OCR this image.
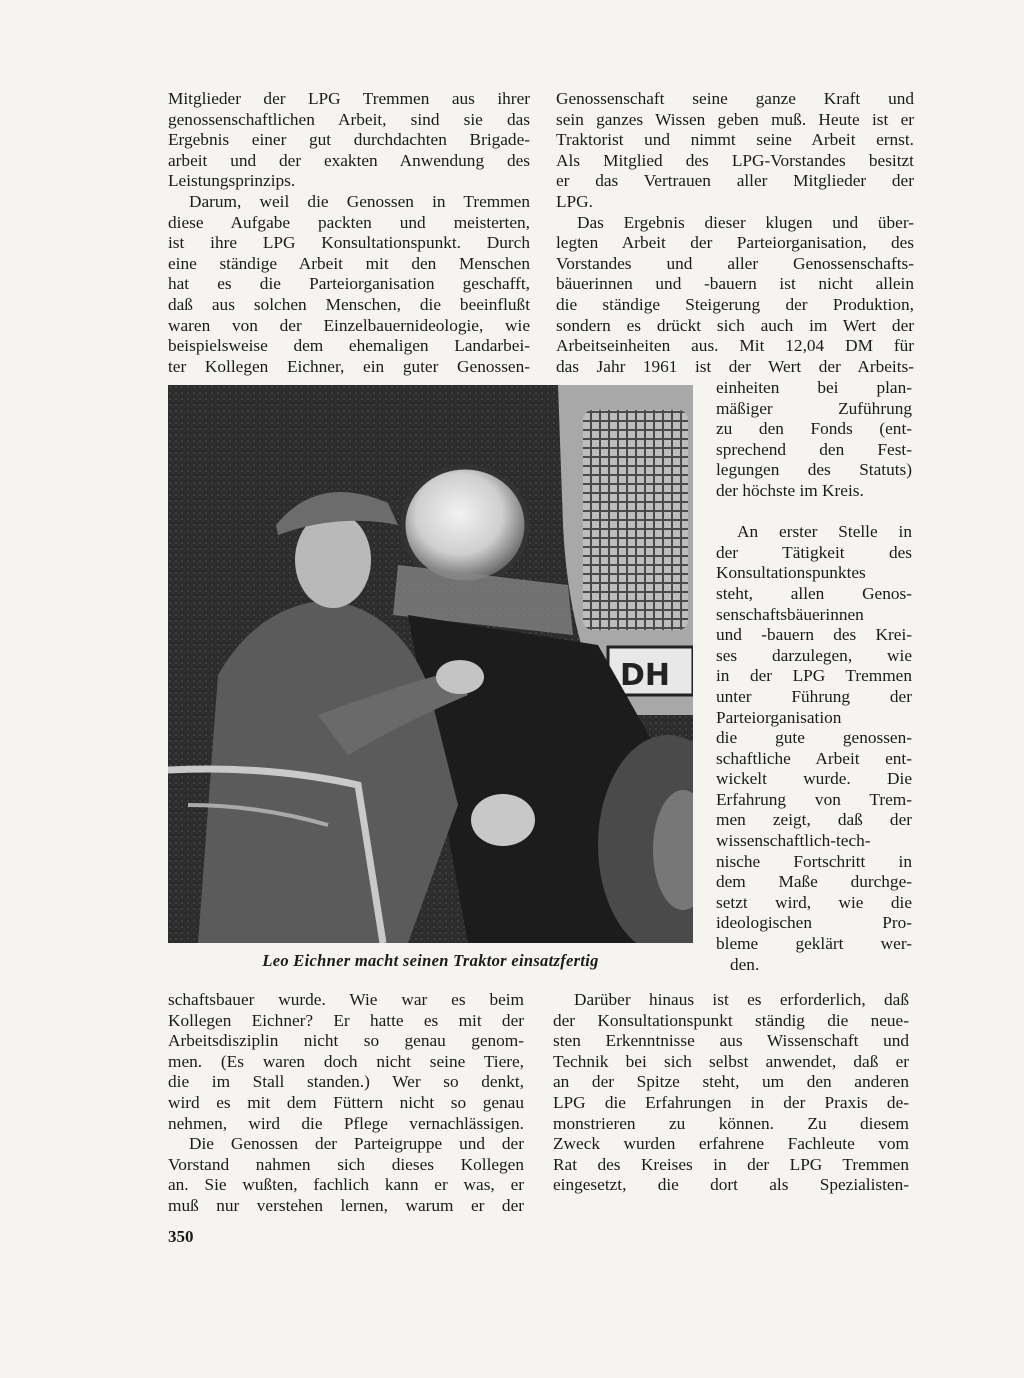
Mitglieder der LPG Tremmen aus ihrer

genossenschaftlichen Arbeit, sind sie das

Ergebnis einer gut durchdachten Brigade-

arbeit und der exakten Anwendung des

Leistungsprinzips.

Darum, weil die Genossen in Tremmen

diese Aufgabe packten und meisterten,

ist ihre LPG Konsultationspunkt. Durch

eine ständige Arbeit mit den Menschen

hat es die Parteiorganisation geschafft,

daß aus solchen Menschen, die beeinflußt

waren von der Einzelbauernideologie, wie

beispielsweise dem ehemaligen Landarbei-

ter Kollegen Eichner, ein guter Genossen-

Genossenschaft seine ganze Kraft und

sein ganzes Wissen geben muß. Heute ist er

Traktorist und nimmt seine Arbeit ernst.

Als Mitglied des LPG-Vorstandes besitzt

er das Vertrauen aller Mitglieder der

LPG.

Das Ergebnis dieser klugen und über-

legten Arbeit der Parteiorganisation, des

Vorstandes und aller Genossenschafts-

bäuerinnen und -bauern ist nicht allein

die ständige Steigerung der Produktion,

sondern es drückt sich auch im Wert der

Arbeitseinheiten aus. Mit 12,04 DM für

das Jahr 1961 ist der Wert der Arbeits-

einheiten bei plan-

mäßiger Zuführung

zu den Fonds (ent-

sprechend den Fest-

legungen des Statuts)

der höchste im Kreis.

An erster Stelle in

der Tätigkeit des

Konsultationspunktes

steht, allen Genos-

senschaftsbäuerinnen

und -bauern des Krei-

ses darzulegen, wie

in der LPG Tremmen

unter Führung der

Parteiorganisation

die gute genossen-

schaftliche Arbeit ent-

wickelt wurde. Die

Erfahrung von Trem-

men zeigt, daß der

wissenschaftlich-tech-

nische Fortschritt in

dem Maße durchge-

setzt wird, wie die

ideologischen Pro-

bleme geklärt wer-

den.

DH
Leo Eichner macht seinen Traktor einsatzfertig

schaftsbauer wurde. Wie war es beim

Kollegen Eichner? Er hatte es mit der

Arbeitsdisziplin nicht so genau genom-

men. (Es waren doch nicht seine Tiere,

die im Stall standen.) Wer so denkt,

wird es mit dem Füttern nicht so genau

nehmen, wird die Pflege vernachlässigen.

Die Genossen der Parteigruppe und der

Vorstand nahmen sich dieses Kollegen

an. Sie wußten, fachlich kann er was, er

muß nur verstehen lernen, warum er der

Darüber hinaus ist es erforderlich, daß

der Konsultationspunkt ständig die neue-

sten Erkenntnisse aus Wissenschaft und

Technik bei sich selbst anwendet, daß er

an der Spitze steht, um den anderen

LPG die Erfahrungen in der Praxis de-

monstrieren zu können. Zu diesem

Zweck wurden erfahrene Fachleute vom

Rat des Kreises in der LPG Tremmen

eingesetzt, die dort als Spezialisten-

350
